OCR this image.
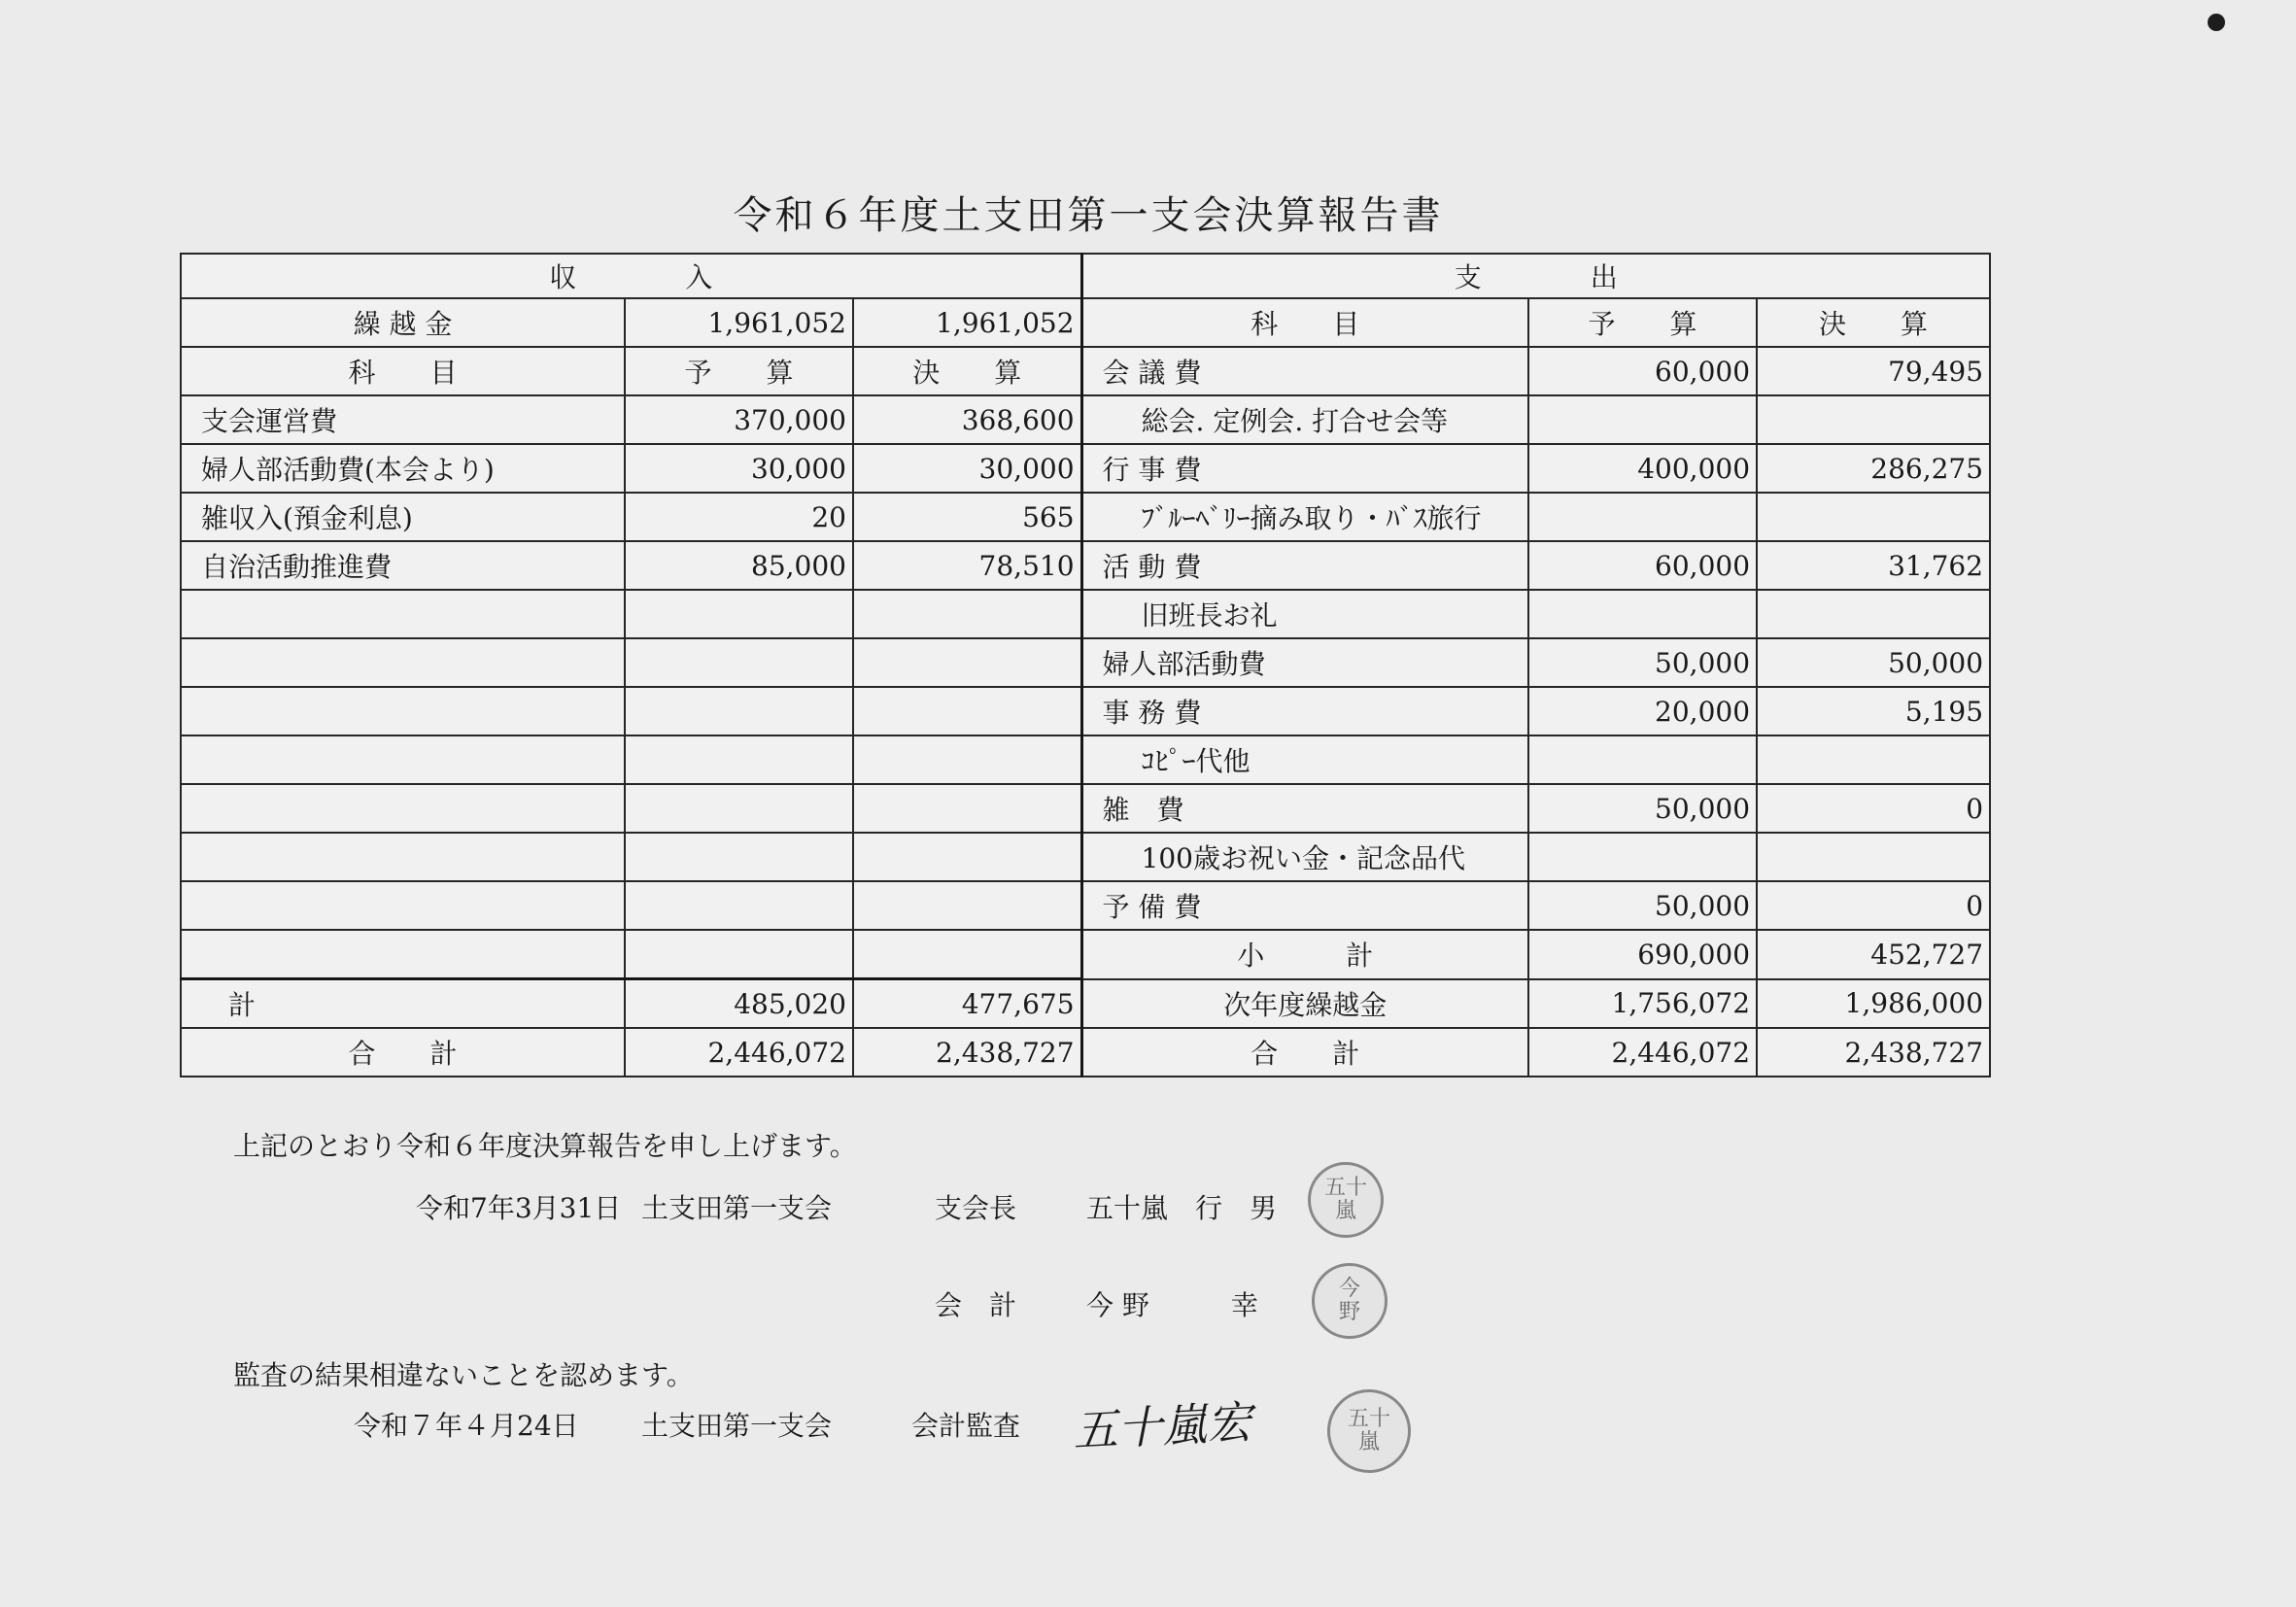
令和６年度土支田第一支会決算報告書
収　　　　入			支　　　　出		
繰 越 金	1,961,052	1,961,052	科　　目	予　　算	決　　算
科　　目	予　　算	決　　算	会 議 費	60,000	79,495
支会運営費	370,000	368,600	総会. 定例会. 打合せ会等		
婦人部活動費(本会より)	30,000	30,000	行 事 費	400,000	286,275
雑収入(預金利息)	20	565	ﾌﾞﾙｰﾍﾞﾘｰ摘み取り・ﾊﾞｽ旅行		
自治活動推進費	85,000	78,510	活 動 費	60,000	31,762
			旧班長お礼		
			婦人部活動費	50,000	50,000
			事 務 費	20,000	5,195
			ｺﾋﾟｰ代他		
			雑　費	50,000	0
			100歳お祝い金・記念品代		
			予 備 費	50,000	0
			小　　　計	690,000	452,727
計	485,020	477,675	次年度繰越金	1,756,072	1,986,000
合　　計	2,446,072	2,438,727	合　　計	2,446,072	2,438,727
上記のとおり令和６年度決算報告を申し上げます。
令和7年3月31日 土支田第一支会	支会長	五十嵐　行　男
五十嵐
会　計	今 野　　　幸
今野
監査の結果相違ないことを認めます。
令和７年４月24日 土支田第一支会	会計監査 五十嵐宏	五十嵐
